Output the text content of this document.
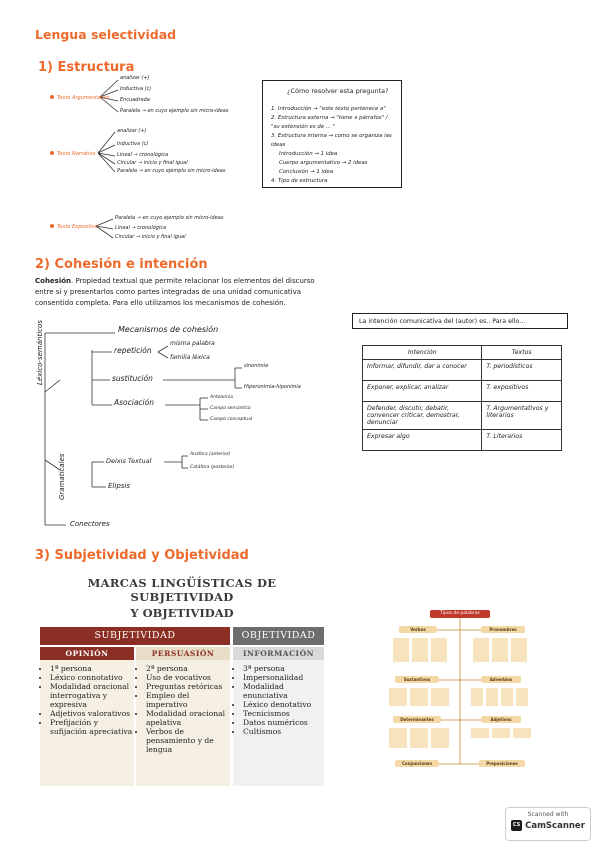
Lengua selectividad
1) Estructura
Texto Argumentativo
analizar (+)
Inductiva (c)
Encuadrada
Paralela → en cuyo ejemplo sin micro-ideas
Texto Narrativo
analizar (+)
Inductiva (c)
Lineal → cronológica
Circular → inicio y final igual
Paralela → en cuyo ejemplo sin micro-ideas
Texto Expositivo
Paralela → en cuyo ejemplo sin micro-ideas
Lineal → cronológica
Circular → inicio y final igual
¿Cómo resolver esta pregunta?
1. Introducción → "este texto pertenece a"
2. Estructura externa → "tiene x párrafos" / "su extensión es de ... "
3. Estructura interna → como se organiza las ideas
Introducción → 1 idea
Cuerpo argumentativo → 2 ideas
Conclusión → 1 idea
4. Tipo de estructura
2) Cohesión e intención
Cohesión. Propiedad textual que permite relacionar los elementos del discurso
entre sí y presentarlos como partes integradas de una unidad comunicativa
consentido completa. Para ello utilizamos los mecanismos de cohesión.
Mecanismos de cohesión
Léxico-semánticos
Gramaticales
repetición
misma palabra
familia léxica
sustitución
sinonimia
Hiperonimia-hiponimia
Asociación
Antonimia
Campo semántico
Campo conceptual
Deixis Textual
Anáfora (anterior)
Catáfora (posterior)
Elipsis
Conectores
La intención comunicativa del (autor) es.. Para ello...
Intención	Textos
Informar, difundir, dar a conocer	T. periodísticos
Exponer, explicar, analizar	T. expositivos
Defender, discutir, debatir, convencer criticar, demostrar, denunciar	T. Argumentativos y literarios
Expresar algo	T. Literarios
3) Subjetividad y Objetividad
MARCAS LINGÜÍSTICAS DE SUBJETIVIDAD
Y OBJETIVIDAD
SUBJETIVIDAD	OBJETIVIDAD
OPINIÓN
• 1ª persona
• Léxico connotativo
• Modalidad oracional interrogativa y expresiva
• Adjetivos valorativos
• Prefijación y sufijación apreciativa
PERSUASIÓN
• 2ª persona
• Uso de vocativos
• Preguntas retóricas
• Empleo del imperativo
• Modalidad oracional apelativa
• Verbos de pensamiento y de lengua
INFORMACIÓN
• 3ª persona
• Impersonalidad
• Modalidad enunciativa
• Léxico denotativo
• Tecnicismos
• Datos numéricos
• Cultismos
Tipos de palabras
Verbos	Pronombres
Sustantivos	Adverbios
Determinantes	Adjetivos
Conjunciones	Preposiciones
Scanned with
CS CamScanner
